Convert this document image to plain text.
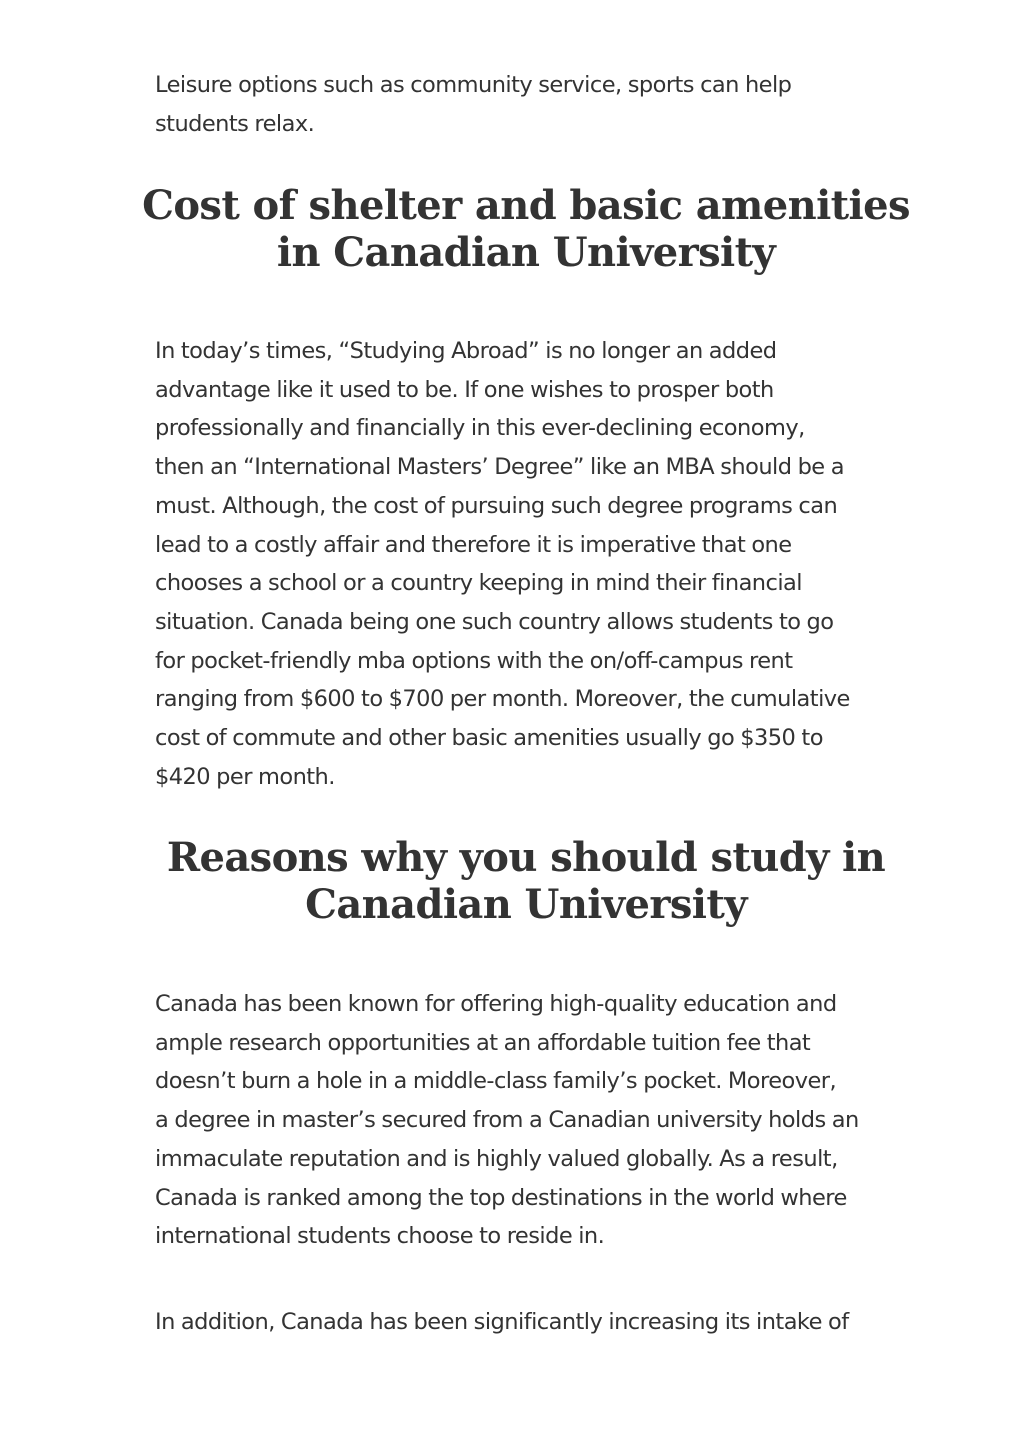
Leisure options such as community service, sports can help
students relax.

Cost of shelter and basic amenities
in Canadian University

In today’s times, “Studying Abroad” is no longer an added
advantage like it used to be. If one wishes to prosper both
professionally and financially in this ever-declining economy,
then an “International Masters’ Degree” like an MBA should be a
must. Although, the cost of pursuing such degree programs can
lead to a costly affair and therefore it is imperative that one
chooses a school or a country keeping in mind their financial
situation. Canada being one such country allows students to go
for pocket-friendly mba options with the on/off-campus rent
ranging from $600 to $700 per month. Moreover, the cumulative
cost of commute and other basic amenities usually go $350 to
$420 per month.

Reasons why you should study in
Canadian University

Canada has been known for offering high-quality education and
ample research opportunities at an affordable tuition fee that
doesn’t burn a hole in a middle-class family’s pocket. Moreover,
a degree in master’s secured from a Canadian university holds an
immaculate reputation and is highly valued globally. As a result,
Canada is ranked among the top destinations in the world where
international students choose to reside in.

In addition, Canada has been significantly increasing its intake of
